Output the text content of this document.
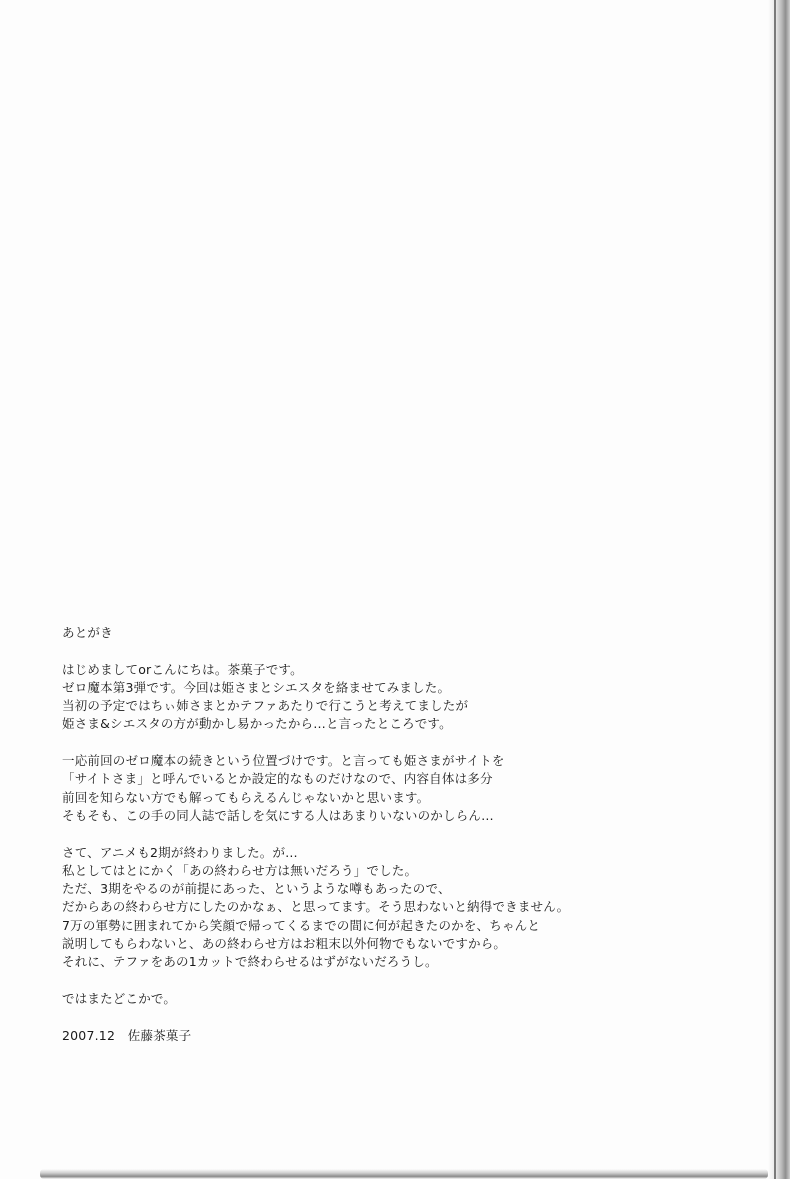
あとがき
はじめましてorこんにちは。茶菓子です。
ゼロ魔本第3弾です。今回は姫さまとシエスタを絡ませてみました。
当初の予定ではちぃ姉さまとかテファあたりで行こうと考えてましたが
姫さま&シエスタの方が動かし易かったから…と言ったところです。
一応前回のゼロ魔本の続きという位置づけです。と言っても姫さまがサイトを
「サイトさま」と呼んでいるとか設定的なものだけなので、内容自体は多分
前回を知らない方でも解ってもらえるんじゃないかと思います。
そもそも、この手の同人誌で話しを気にする人はあまりいないのかしらん…
さて、アニメも2期が終わりました。が…
私としてはとにかく「あの終わらせ方は無いだろう」でした。
ただ、3期をやるのが前提にあった、というような噂もあったので、
だからあの終わらせ方にしたのかなぁ、と思ってます。そう思わないと納得できません。
7万の軍勢に囲まれてから笑顔で帰ってくるまでの間に何が起きたのかを、ちゃんと
説明してもらわないと、あの終わらせ方はお粗末以外何物でもないですから。
それに、テファをあの1カットで終わらせるはずがないだろうし。
ではまたどこかで。
2007.12　佐藤茶菓子
